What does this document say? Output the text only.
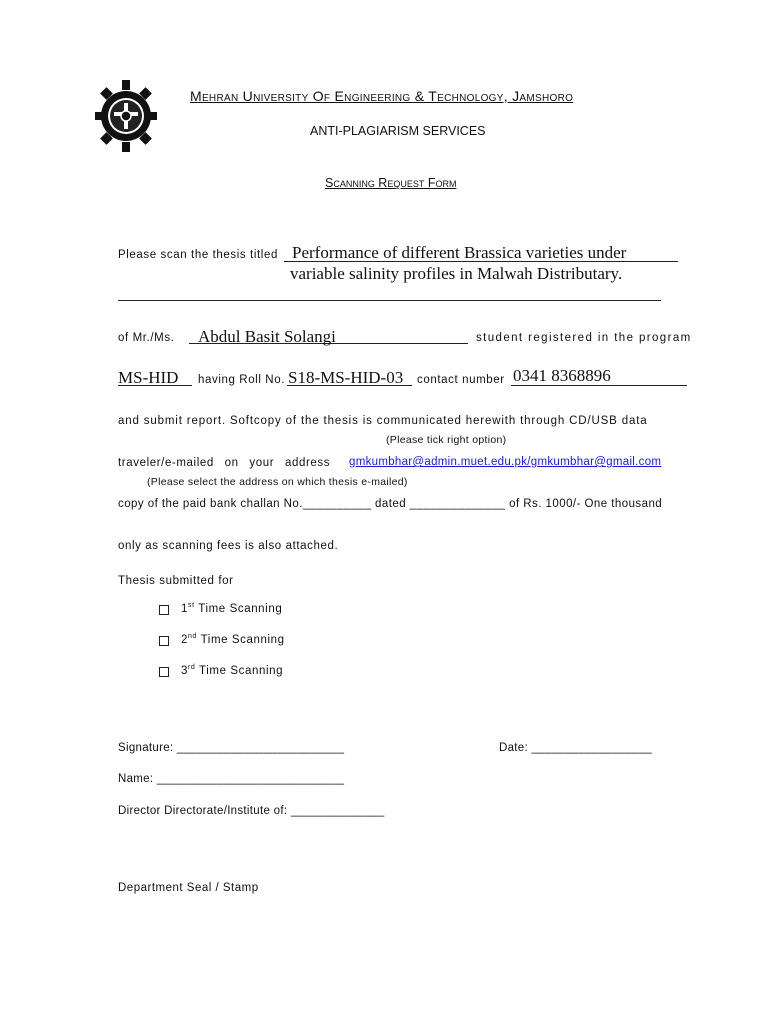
Mehran University Of Engineering & Technology, Jamshoro
ANTI-PLAGIARISM SERVICES
Scanning Request Form
Please scan the thesis titled Performance of different Brassica varieties under
variable salinity profiles in Malwah Distributary.
of Mr./Ms. Abdul Basit Solangi	student registered in the program
MS-HID having Roll No. S18-MS-HID-03 contact number 0341 8368896
and submit report. Softcopy of the thesis is communicated herewith through CD/USB data
(Please tick right option)
traveler/e-mailed on your address gmkumbhar@admin.muet.edu.pk/gmkumbhar@gmail.com
(Please select the address on which thesis e-mailed)
copy of the paid bank challan No.__________ dated ______________ of Rs. 1000/- One thousand
only as scanning fees is also attached.
Thesis submitted for
1st Time Scanning
2nd Time Scanning
3rd Time Scanning
Signature: _________________________	Date: __________________
Name: ____________________________
Director Directorate/Institute of: ______________
Department Seal / Stamp
